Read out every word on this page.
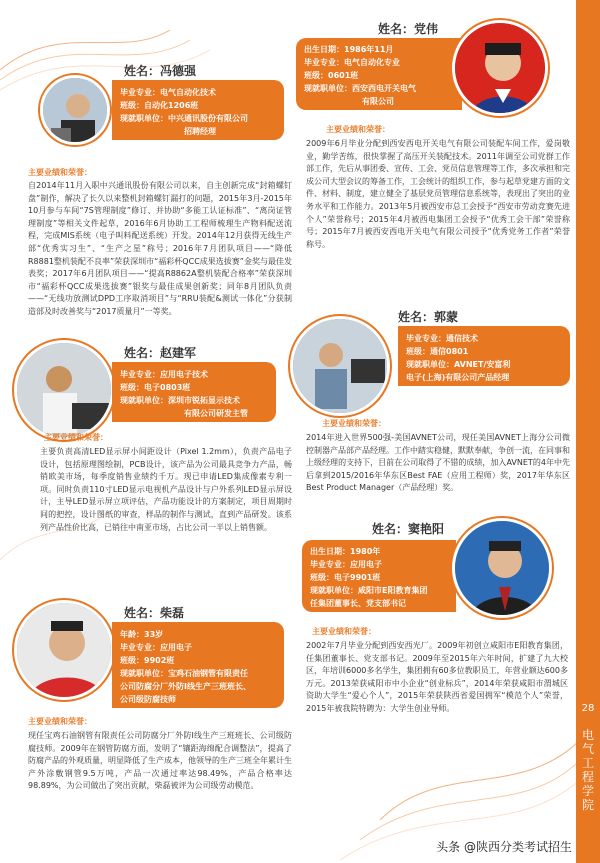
28
电气工程学院
姓名：冯德强
毕业专业：电气自动化技术
班级：自动化1206班
现就职单位：中兴通讯股份有限公司
招聘经理
主要业绩和荣誉：
自2014年11月入职中兴通讯股份有限公司以来，自主创新完成“封箱螺钉盘”制作，解决了长久以来整机封箱螺钉漏打的问题，2015年3月-2015年10月参与车间“7S管理制度”修订、并协助“多能工认证标准”、“离岗证管理制度”等相关文件起草，2016年6月协助工工程师梳理生产物料配送流程，完成MIS系统（电子叫料配送系统）开发。2014年12月获得无线生产部“优秀实习生”、“生产之星”称号；2016年7月团队项目——“降低R8881整机装配不良率”荣获深圳市“福彩杯QCC成果选拔赛”金奖与最佳发表奖；2017年6月团队项目——“提高R8862A整机装配合格率”荣获深圳市“福彩杯QCC成果选拔赛”银奖与最佳成果创新奖；同年8月团队负责——“无线功放测试DPD工序取消项目”与“RRU装配&测试一体化”分获制造部及时改善奖与“2017质量月”一等奖。
姓名：党伟
出生日期：1986年11月
毕业专业：电气自动化专业
班级：0601班
现就职单位：西安西电开关电气
有限公司
主要业绩和荣誉：
2009年6月毕业分配到西安西电开关电气有限公司装配车间工作，爱岗敬业，勤学苦练，很快掌握了高压开关装配技术。2011年调至公司党群工作部工作，先后从事团委、宣传、工会、党员信息管理等工作，多次承担和完成公司大型会议的筹备工作，工会统计的组织工作，参与起草党建方面的文件、材料、制度，建立健全了基层党员管理信息系统等，表现出了突出的业务水平和工作能力。2013年5月被西安市总工会授予“西安市劳动竞赛先进个人”荣誉称号；2015年4月被西电集团工会授予“优秀工会干部”荣誉称号；2015年7月被西安西电开关电气有限公司授予“优秀党务工作者”荣誉称号。
姓名：赵建军
毕业专业：应用电子技术
班级：电子0803班
现就职单位：深圳市锐拓显示技术
有限公司研发主管
主要业绩和荣誉：
主要负责高清LED显示屏小间距设计（Pixel 1.2mm），负责产品电子设计，包括原理图绘制，PCB设计，该产品为公司最具竞争力产品，畅销欧美市场，每季度销售业绩约千万。现已申请LED集成像素专利一项。同时负责110寸LED显示电视机产品设计与户外系列LED显示屏设计，主导LED显示屏立项评估，产品功能设计的方案制定，项目周期时间的把控，设计图纸的审查，样品的制作与测试，直到产品研发。该系列产品性价比高，已销往中南亚市场，占比公司一半以上销售额。
姓名：郭蒙
毕业专业：通信技术
班级：通信0801
现就职单位：AVNET/安富利
电子(上海)有限公司产品经理
主要业绩和荣誉：
2014年进入世界500强-美国AVNET公司，现任美国AVNET上海分公司微控制器产品部产品经理。工作中踏实稳健，默默奉献，争创一流，在同事和上级经理的支持下，目前在公司取得了不错的成绩，加入AVNET的4年中先后拿到2015/2016年华东区Best FAE（应用工程师）奖，2017年华东区 Best Product Manager（产品经理）奖。
姓名：窦艳阳
出生日期：1980年
毕业专业：应用电子
班级：电子9901班
现就职单位：咸阳市E阳教育集团
任集团董事长、党支部书记
主要业绩和荣誉：
2002年7月毕业分配到西安西光厂。2009年初创立咸阳市E阳教育集团，任集团董事长、党支部书记。2009年至2015年六年时间，扩建了九大校区，年培训6000多名学生，集团拥有60多位教职员工，年营业额达600多万元。2013荣获咸阳市中小企业“创业标兵”，2014年荣获咸阳市渭城区资助大学生“爱心个人”，2015年荣获陕西省爱国拥军“模范个人”荣誉，2015年被我院特聘为：大学生创业导师。
姓名：柴磊
年龄：33岁
毕业专业：应用电子
班级：9902班
现就职单位：宝鸡石油钢管有限责任
公司防腐分厂外防Ⅰ线生产三班班长、
公司级防腐技师
主要业绩和荣誉：
现任宝鸡石油钢管有限责任公司防腐分厂外防Ⅰ线生产三班班长、公司级防腐技师。2009年在钢管防腐方面，发明了“镶距海绵配合调整法”，提高了防腐产品的外观质量，明显降低了生产成本，他领导的生产三班全年累计生产外涂敷钢管9.5万吨，产品一次通过率达98.49%，产品合格率达98.89%，为公司做出了突出贡献，柴磊被评为公司级劳动模范。
头条 @陕西分类考试招生
